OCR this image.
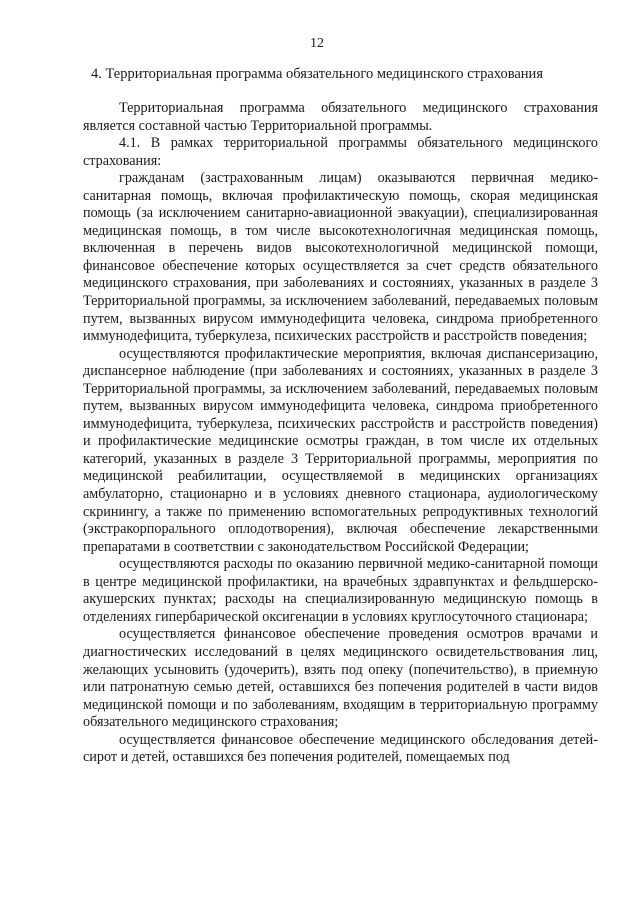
12
4. Территориальная программа обязательного медицинского страхования

Территориальная программа обязательного медицинского страхования является составной частью Территориальной программы.

4.1. В рамках территориальной программы обязательного медицинского страхования:

гражданам (застрахованным лицам) оказываются первичная медико-санитарная помощь, включая профилактическую помощь, скорая медицинская помощь (за исключением санитарно-авиационной эвакуации), специализированная медицинская помощь, в том числе высокотехнологичная медицинская помощь, включенная в перечень видов высокотехнологичной медицинской помощи, финансовое обеспечение которых осуществляется за счет средств обязательного медицинского страхования, при заболеваниях и состояниях, указанных в разделе 3 Территориальной программы, за исключением заболеваний, передаваемых половым путем, вызванных вирусом иммунодефицита человека, синдрома приобретенного иммунодефицита, туберкулеза, психических расстройств и расстройств поведения;

осуществляются профилактические мероприятия, включая диспансеризацию, диспансерное наблюдение (при заболеваниях и состояниях, указанных в разделе 3 Территориальной программы, за исключением заболеваний, передаваемых половым путем, вызванных вирусом иммунодефицита человека, синдрома приобретенного иммунодефицита, туберкулеза, психических расстройств и расстройств поведения) и профилактические медицинские осмотры граждан, в том числе их отдельных категорий, указанных в разделе 3 Территориальной программы, мероприятия по медицинской реабилитации, осуществляемой в медицинских организациях амбулаторно, стационарно и в условиях дневного стационара, аудиологическому скринингу, а также по применению вспомогательных репродуктивных технологий (экстракорпорального оплодотворения), включая обеспечение лекарственными препаратами в соответствии с законодательством Российской Федерации;

осуществляются расходы по оказанию первичной медико-санитарной помощи в центре медицинской профилактики, на врачебных здравпунктах и фельдшерско-акушерских пунктах; расходы на специализированную медицинскую помощь в отделениях гипербарической оксигенации в условиях круглосуточного стационара;

осуществляется финансовое обеспечение проведения осмотров врачами и диагностических исследований в целях медицинского освидетельствования лиц, желающих усыновить (удочерить), взять под опеку (попечительство), в приемную или патронатную семью детей, оставшихся без попечения родителей в части видов медицинской помощи и по заболеваниям, входящим в территориальную программу обязательного медицинского страхования;

осуществляется финансовое обеспечение медицинского обследования детей-сирот и детей, оставшихся без попечения родителей, помещаемых под
